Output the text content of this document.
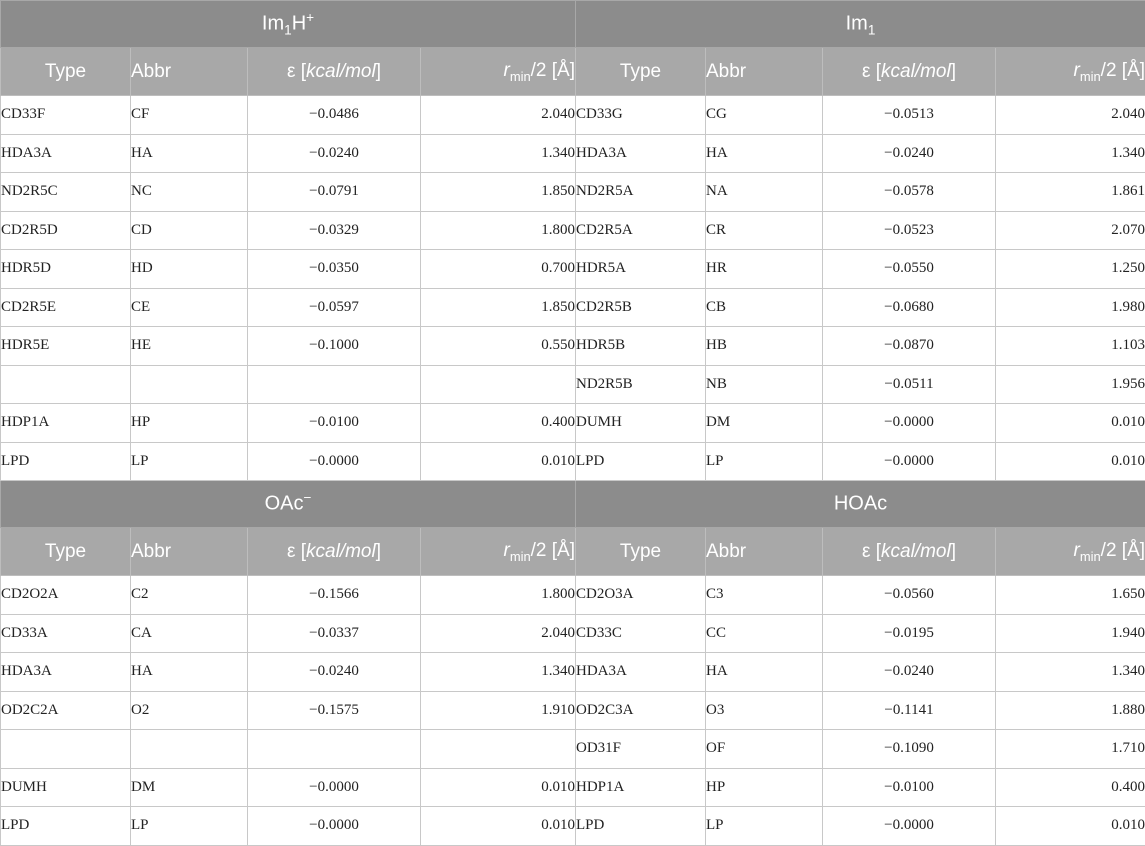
$Im_1H^+$				$Im_1$
Type	Abbr	ε [kcal/mol]	$r_{min}/2$ [Å]	Type	Abbr	ε [kcal/mol]	$r_{min}/2$ [Å]
CD33F	CF	−0.0486	2.040	CD33G	CG	−0.0513	2.040
HDA3A	HA	−0.0240	1.340	HDA3A	HA	−0.0240	1.340
ND2R5C	NC	−0.0791	1.850	ND2R5A	NA	−0.0578	1.861
CD2R5D	CD	−0.0329	1.800	CD2R5A	CR	−0.0523	2.070
HDR5D	HD	−0.0350	0.700	HDR5A	HR	−0.0550	1.250
CD2R5E	CE	−0.0597	1.850	CD2R5B	CB	−0.0680	1.980
HDR5E	HE	−0.1000	0.550	HDR5B	HB	−0.0870	1.103
				ND2R5B	NB	−0.0511	1.956
HDP1A	HP	−0.0100	0.400	DUMH	DM	−0.0000	0.010
LPD	LP	−0.0000	0.010	LPD	LP	−0.0000	0.010
OAc−				HOAc			
Type	Abbr	ε [kcal/mol]	$r_{min}/2$ [Å]	Type	Abbr	ε [kcal/mol]	$r_{min}/2$ [Å]
CD2O2A	C2	−0.1566	1.800	CD2O3A	C3	−0.0560	1.650
CD33A	CA	−0.0337	2.040	CD33C	CC	−0.0195	1.940
HDA3A	HA	−0.0240	1.340	HDA3A	HA	−0.0240	1.340
OD2C2A	O2	−0.1575	1.910	OD2C3A	O3	−0.1141	1.880
				OD31F	OF	−0.1090	1.710
DUMH	DM	−0.0000	0.010	HDP1A	HP	−0.0100	0.400
LPD	LP	−0.0000	0.010	LPD	LP	−0.0000	0.010
